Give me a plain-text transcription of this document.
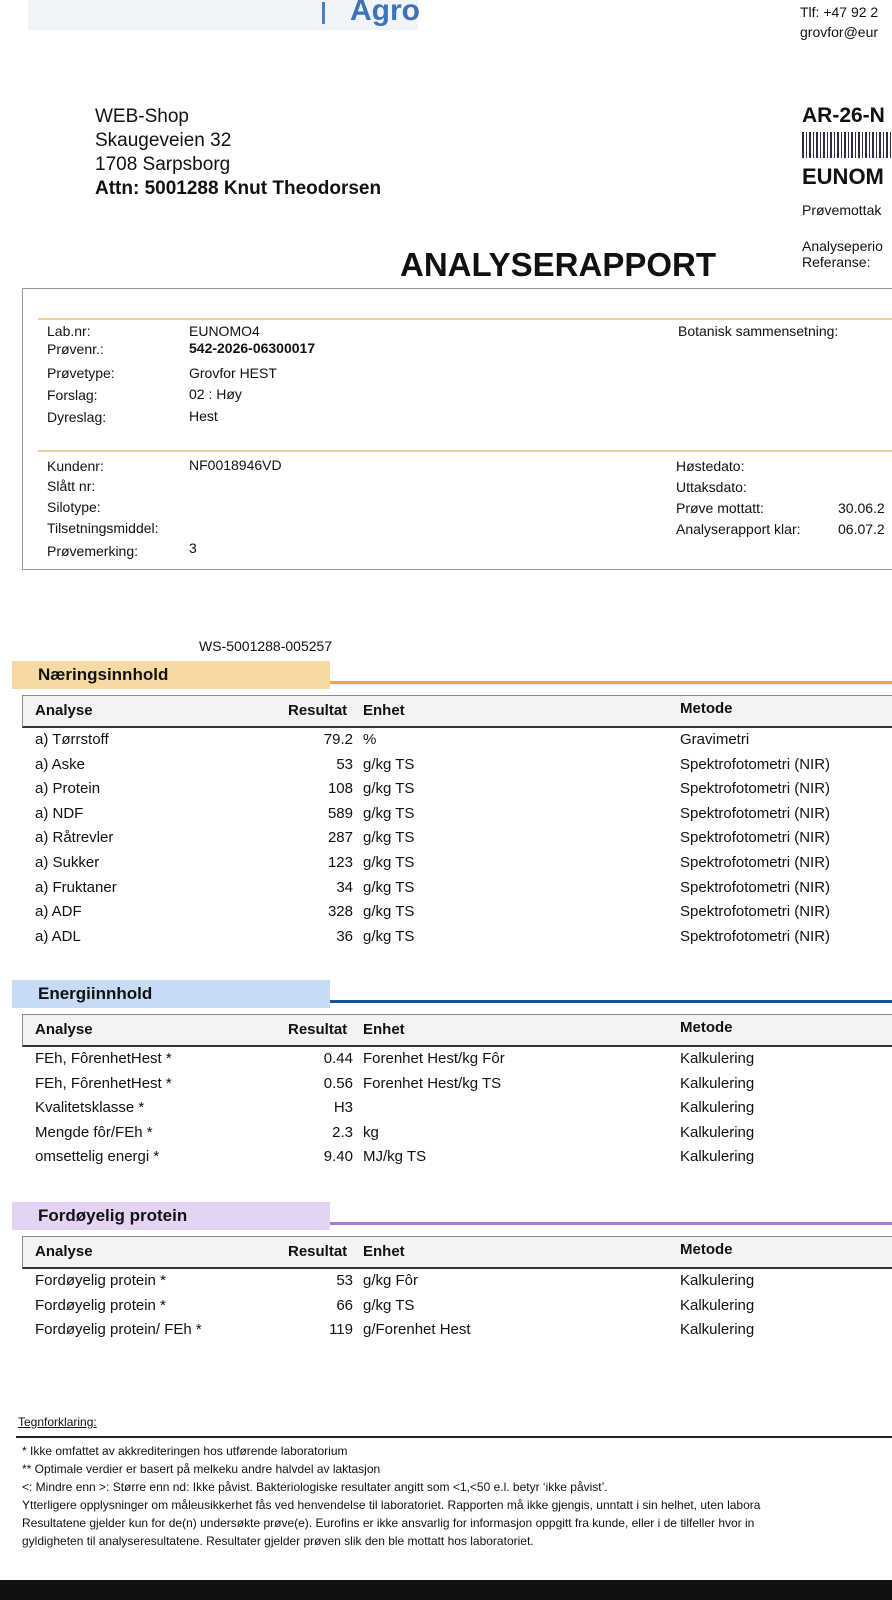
Agro	Tlf: +47 92 2
grovfor@eur
WEB-Shop
Skaugeveien 32
1708 Sarpsborg
Attn: 5001288 Knut Theodorsen
AR-26-N
EUNOM
Prøvemottak
Analyseperio
Referanse:
ANALYSERAPPORT
Lab.nr:	EUNOMO4
Prøvenr.:	542-2026-06300017
Prøvetype:	Grovfor HEST
Forslag:	02 : Høy
Dyreslag:	Hest
Botanisk sammensetning:
Kundenr:	NF0018946VD
Slått nr:
Silotype:
Tilsetningsmiddel:
Prøvemerking:	3
Høstedato:
Uttaksdato:
Prøve mottatt:	30.06.2
Analyserapport klar:	06.07.2
WS-5001288-005257
Tegnforklaring:
* Ikke omfattet av akkrediteringen hos utførende laboratorium
** Optimale verdier er basert på melkeku andre halvdel av laktasjon
<: Mindre enn >: Større enn nd: Ikke påvist. Bakteriologiske resultater angitt som <1,<50 e.l. betyr ‘ikke påvist’.
Ytterligere opplysninger om måleusikkerhet fås ved henvendelse til laboratoriet. Rapporten må ikke gjengis, unntatt i sin helhet, uten labora
Resultatene gjelder kun for de(n) undersøkte prøve(e). Eurofins er ikke ansvarlig for informasjon oppgitt fra kunde, eller i de tilfeller hvor in
gyldigheten til analyseresultatene. Resultater gjelder prøven slik den ble mottatt hos laboratoriet.
Næringsinnhold
Analyse	Resultat Enhet	Metode
a) Tørrstoff	79.2 %	Gravimetri
a) Aske	53 g/kg TS	Spektrofotometri (NIR)
a) Protein	108 g/kg TS	Spektrofotometri (NIR)
a) NDF	589 g/kg TS	Spektrofotometri (NIR)
a) Råtrevler	287 g/kg TS	Spektrofotometri (NIR)
a) Sukker	123 g/kg TS	Spektrofotometri (NIR)
a) Fruktaner	34 g/kg TS	Spektrofotometri (NIR)
a) ADF	328 g/kg TS	Spektrofotometri (NIR)
a) ADL	36 g/kg TS	Spektrofotometri (NIR)
Energiinnhold
Analyse	Resultat Enhet	Metode
FEh, FôrenhetHest *	0.44 Forenhet Hest/kg Fôr	Kalkulering
FEh, FôrenhetHest *	0.56 Forenhet Hest/kg TS	Kalkulering
Kvalitetsklasse *	H3	Kalkulering
Mengde fôr/FEh *	2.3 kg	Kalkulering
omsettelig energi *	9.40 MJ/kg TS	Kalkulering
Fordøyelig protein
Analyse	Resultat Enhet	Metode
Fordøyelig protein *	53 g/kg Fôr	Kalkulering
Fordøyelig protein *	66 g/kg TS	Kalkulering
Fordøyelig protein/ FEh *	119 g/Forenhet Hest	Kalkulering
